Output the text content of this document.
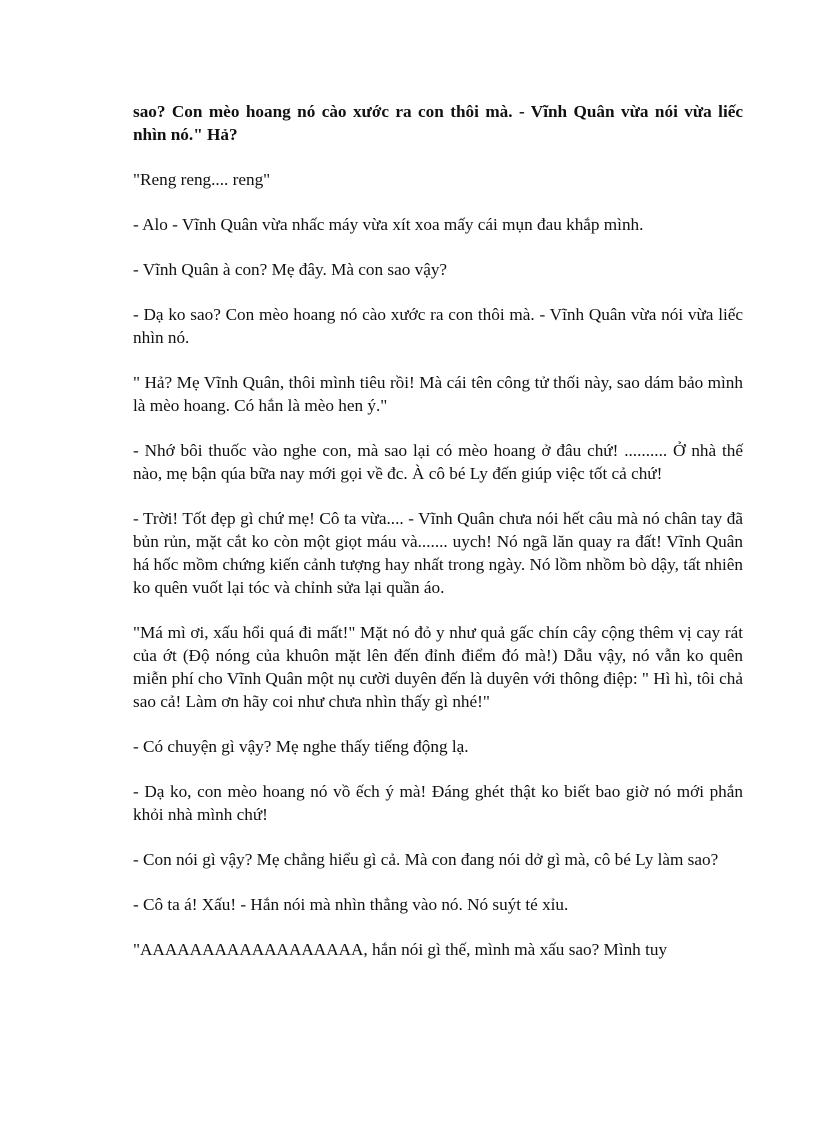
sao? Con mèo hoang nó cào xước ra con thôi mà. - Vĩnh Quân vừa nói vừa liếc nhìn nó." Hả?

"Reng reng.... reng"

- Alo - Vĩnh Quân vừa nhấc máy vừa xít xoa mấy cái mụn đau khắp mình.

- Vĩnh Quân à con? Mẹ đây. Mà con sao vậy?

- Dạ ko sao? Con mèo hoang nó cào xước ra con thôi mà. - Vĩnh Quân vừa nói vừa liếc nhìn nó.

" Hả? Mẹ Vĩnh Quân, thôi mình tiêu rồi! Mà cái tên công tử thối này, sao dám bảo mình là mèo hoang. Có hắn là mèo hen ý."

- Nhớ bôi thuốc vào nghe con, mà sao lại có mèo hoang ở đâu chứ! .......... Ở nhà thế nào, mẹ bận qúa bữa nay mới gọi về đc. À cô bé Ly đến giúp việc tốt cả chứ!

- Trời! Tốt đẹp gì chứ mẹ! Cô ta vừa.... - Vĩnh Quân chưa nói hết câu mà nó chân tay đã bủn rủn, mặt cắt ko còn một giọt máu và....... uych! Nó ngã lăn quay ra đất! Vĩnh Quân há hốc mồm chứng kiến cảnh tượng hay nhất trong ngày. Nó lồm nhồm bò dậy, tất nhiên ko quên vuốt lại tóc và chỉnh sửa lại quần áo.

"Má mì ơi, xấu hổi quá đi mất!" Mặt nó đỏ y như quả gấc chín cây cộng thêm vị cay rát của ớt (Độ nóng của khuôn mặt lên đến đỉnh điểm đó mà!) Dẫu vậy, nó vẫn ko quên miễn phí cho Vĩnh Quân một nụ cười duyên đến là duyên với thông điệp: " Hì hì, tôi chả sao cả! Làm ơn hãy coi như chưa nhìn thấy gì nhé!"

- Có chuyện gì vậy? Mẹ nghe thấy tiếng động lạ.

- Dạ ko, con mèo hoang nó vồ ếch ý mà! Đáng ghét thật ko biết bao giờ nó mới phắn khỏi nhà mình chứ!

- Con nói gì vậy? Mẹ chẳng hiểu gì cả. Mà con đang nói dở gì mà, cô bé Ly làm sao?

- Cô ta á! Xấu! - Hắn nói mà nhìn thẳng vào nó. Nó suýt té xỉu.

"AAAAAAAAAAAAAAAAAA, hắn nói gì thế, mình mà xấu sao? Mình tuy
